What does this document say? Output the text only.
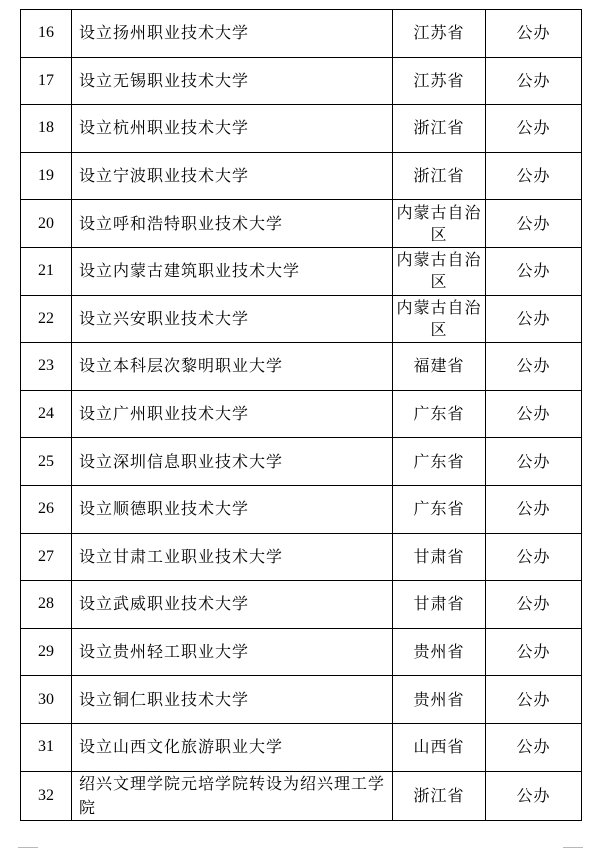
16	设立扬州职业技术大学	江苏省	公办
17	设立无锡职业技术大学	江苏省	公办
18	设立杭州职业技术大学	浙江省	公办
19	设立宁波职业技术大学	浙江省	公办
20	设立呼和浩特职业技术大学	内蒙古自治区	公办
21	设立内蒙古建筑职业技术大学	内蒙古自治区	公办
22	设立兴安职业技术大学	内蒙古自治区	公办
23	设立本科层次黎明职业大学	福建省	公办
24	设立广州职业技术大学	广东省	公办
25	设立深圳信息职业技术大学	广东省	公办
26	设立顺德职业技术大学	广东省	公办
27	设立甘肃工业职业技术大学	甘肃省	公办
28	设立武威职业技术大学	甘肃省	公办
29	设立贵州轻工职业大学	贵州省	公办
30	设立铜仁职业技术大学	贵州省	公办
31	设立山西文化旅游职业大学	山西省	公办
32	绍兴文理学院元培学院转设为绍兴理工学院	浙江省	公办
